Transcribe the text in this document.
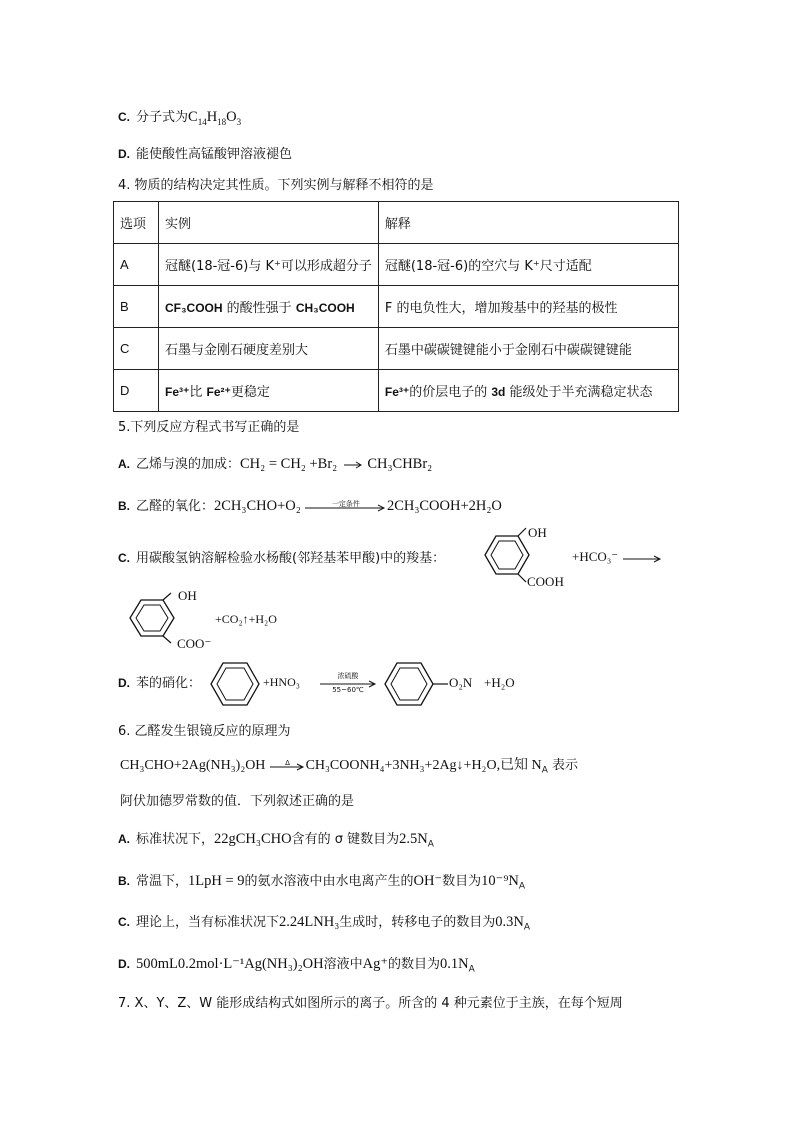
C. 分子式为$C_{14}H_{18}O_3$
D. 能使酸性高锰酸钾溶液褪色
4. 物质的结构决定其性质。下列实例与解释不相符的是
选项	实例	解释
A	冠醚(18-冠-6)与 K⁺可以形成超分子	冠醚(18-冠-6)的空穴与 K⁺尺寸适配
B	CF₃COOH 的酸性强于 CH₃COOH	F 的电负性大，增加羧基中的羟基的极性
C	石墨与金刚石硬度差别大	石墨中碳碳键键能小于金刚石中碳碳键键能
D	Fe³⁺比 Fe²⁺更稳定	Fe³⁺的价层电子的 3d 能级处于半充满稳定状态
5.下列反应方程式书写正确的是
A. 乙烯与溴的加成：CH₂ = CH₂ +Br₂ → CH₃CHBr₂
B. 乙醛的氧化：2CH₃CHO+O₂	一定条件	2CH₃COOH+2H₂O
C. 用碳酸氢钠溶解检验水杨酸(邻羟基苯甲酸)中的羧基：
OH
COOH
+HCO₃⁻ →
OH
COO⁻
+CO₂↑+H₂O
D. 苯的硝化：	+HNO₃	浓硫酸
55~60℃	O₂N +H₂O
6. 乙醛发生银镜反应的原理为
CH₃CHO+2Ag(NH₃)₂OH	Δ	CH₃COONH₄+3NH₃+2Ag↓+H₂O,已知 $N_A$ 表示
阿伏加德罗常数的值．下列叙述正确的是
A. 标准状况下，22gCH₃CHO含有的 σ 键数目为$2.5N_A$
B. 常温下，1LpH = 9的氨水溶液中由水电离产生的OH⁻数目为$10^{-9}N_A$
C. 理论上，当有标准状况下2.24LNH₃生成时，转移电子的数目为$0.3N_A$
D. 500mL0.2mol·L⁻¹Ag(NH₃)₂OH溶液中Ag⁺的数目为$0.1N_A$
7. X、Y、Z、W 能形成结构式如图所示的离子。所含的 4 种元素位于主族，在每个短周
